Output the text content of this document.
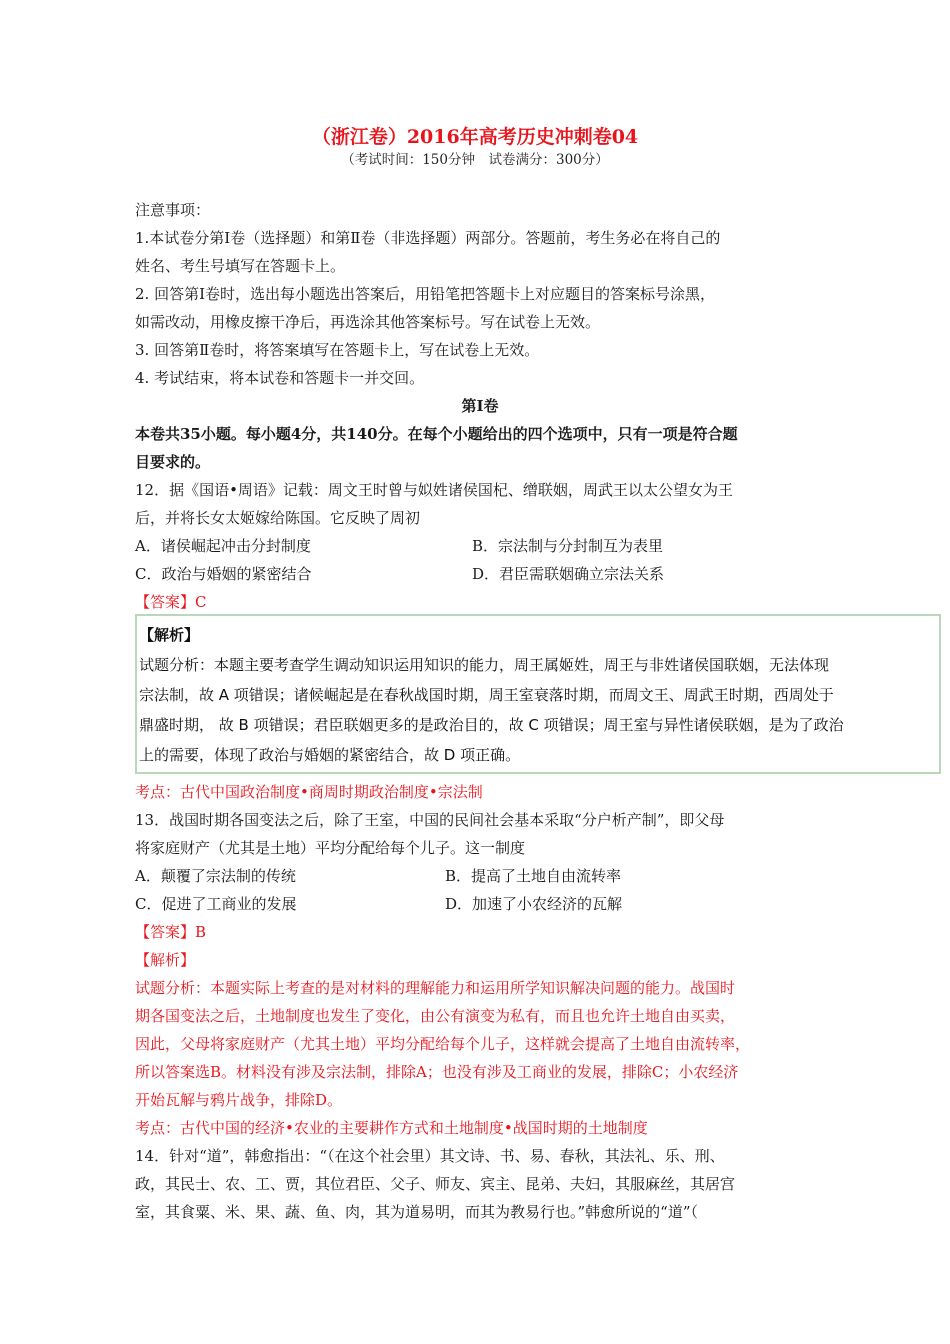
（浙江卷）2016年高考历史冲刺卷04
（考试时间：150分钟　试卷满分：300分）
注意事项：
1.本试卷分第Ⅰ卷（选择题）和第Ⅱ卷（非选择题）两部分。答题前，考生务必在将自己的
姓名、考生号填写在答题卡上。
2. 回答第Ⅰ卷时，选出每小题选出答案后，用铅笔把答题卡上对应题目的答案标号涂黑，
如需改动，用橡皮擦干净后，再选涂其他答案标号。写在试卷上无效。
3. 回答第Ⅱ卷时，将答案填写在答题卡上，写在试卷上无效。
4. 考试结束，将本试卷和答题卡一并交回。
第Ⅰ卷
本卷共35小题。每小题4分，共140分。在每个小题给出的四个选项中，只有一项是符合题
目要求的。
12．据《国语•周语》记载：周文王时曾与姒姓诸侯国杞、缯联姻，周武王以太公望女为王
后，并将长女太姬嫁给陈国。它反映了周初
A．诸侯崛起冲击分封制度	B．宗法制与分封制互为表里
C．政治与婚姻的紧密结合	D．君臣需联姻确立宗法关系
【答案】C
【解析】
试题分析：本题主要考查学生调动知识运用知识的能力，周王属姬姓，周王与非姓诸侯国联姻，无法体现
宗法制，故 A 项错误；诸候崛起是在春秋战国时期，周王室衰落时期，而周文王、周武王时期，西周处于
鼎盛时期， 故 B 项错误；君臣联姻更多的是政治目的，故 C 项错误；周王室与异性诸侯联姻，是为了政治
上的需要，体现了政治与婚姻的紧密结合，故 D 项正确。
考点：古代中国政治制度•商周时期政治制度•宗法制
13．战国时期各国变法之后，除了王室，中国的民间社会基本采取“分户析产制”，即父母
将家庭财产（尤其是土地）平均分配给每个儿子。这一制度
A．颠覆了宗法制的传统	B．提高了土地自由流转率
C．促进了工商业的发展	D．加速了小农经济的瓦解
【答案】B
【解析】
试题分析：本题实际上考查的是对材料的理解能力和运用所学知识解决问题的能力。战国时
期各国变法之后，土地制度也发生了变化，由公有演变为私有，而且也允许土地自由买卖，
因此，父母将家庭财产（尤其土地）平均分配给每个儿子，这样就会提高了土地自由流转率，
所以答案选B。材料没有涉及宗法制，排除A；也没有涉及工商业的发展，排除C；小农经济
开始瓦解与鸦片战争，排除D。
考点：古代中国的经济•农业的主要耕作方式和土地制度•战国时期的土地制度
14．针对“道”，韩愈指出：“（在这个社会里）其文诗、书、易、春秋，其法礼、乐、刑、
政，其民士、农、工、贾，其位君臣、父子、师友、宾主、昆弟、夫妇，其服麻丝，其居宫
室，其食粟、米、果、蔬、鱼、肉，其为道易明，而其为教易行也。”韩愈所说的“道”（
